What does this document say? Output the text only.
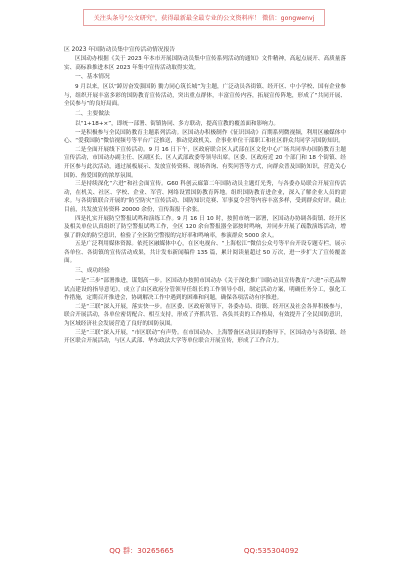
关注头条号"公文研究"，获得最新最全最专业的公文资料库！ 微信：gongwenvj
区 2023 年国防动员集中宣传活动情况报告

区国动办根据《关于 2023 年本市开展国防动员集中宣传系列活动的通知》文件精神，高起点展开、高质量落实、高标准推进本区 2023 年集中宣传活动取得实效。

一、基本情况

9 月以来，区以“踔厉奋发强国防 勠力同心筑长城”为主题，广泛动员各街镇、经开区、中小学校、国有企业参与，组织开展丰富多彩的国防教育宣传活动，突出重点群体，丰富宣传内容，拓展宣传阵地，形成了“共同开展、全民参与”的良好局面。

二、主要做法

以“1+18+×”，即统一部署、街镇协同、多方联动，提高宣教的覆盖面和影响力。

一是积极参与全民国防教育主题系列活动。区国动办积极制作《征识国动》百期系列微视频，利用区融媒体中心、“爱我国防”微信视频号等平台广泛推送，推动党政机关、企事业单位干部职工和社区群众共同学习国防知识。

二是全面开展线下宣传活动。9 月 16 日下午，区政府联合区人武部在区文化中心广场共同举办国防教育主题宣传活动，市国动办副主任、区副区长、区人武部政委等领导出席。区委、区政府近 20 个部门和 18 个街镇、经开区参与此次活动，通过展板展示、发放宣传资料、现场咨询、有奖问答等方式，向群众普及国防知识，营造关心国防、热爱国防的浓厚氛围。

三是持续深化“六进”和社会面宣传。G60 科创云廊第二年国防动员主题灯光秀，与各委办局联合开展宣传活动，在机关、社区、学校、企业、军营、网络设置国防教育阵地。组织国防教育进企业，深入了解企业人员的需求。与各街镇联合开展的“防空防灾”宣传活动、国防知识竞赛、军事夏令营等内容丰富多样，受到群众好评。截止目前，共发放宣传资料 20000 余份，宣传海报千余张。

四是扎实开展防空警报试鸣和演练工作。9 月 16 日 10 时，按照市统一部署，区国动办协调各街镇、经开区及相关单位认真组织了防空警报试鸣工作，全区 120 余台警报器全部按时鸣响，并同步开展了疏散演练活动，增强了群众的防空意识，检验了全区防空警报的完好率和鸣响率，参演群众 5000 余人。

五是广泛利用媒体资源。依托区融媒体中心，在区电视台、“上海松江”微信公众号等平台开设专题专栏，展示各单位、各街镇的宣传活动成果，共计发布新闻稿件 135 篇，累计阅读量超过 50 万次，进一步扩大了宣传覆盖面。

三、成功经验

一是“三步”部署推进，谋划高一步。区国动办按照市国动办《关于深化推广国防动员宣传教育“六进”示范品牌试点建设的指导意见》，成立了由区政府分管领导任组长的工作领导小组，制定活动方案，明确任务分工，强化工作措施，定期召开推进会，协调解决工作中遇到的困难和问题，确保各项活动有序推进。

二是“三联”深入开展，落实快一步。在区委、区政府领导下，各委办局、街镇、经开区及社会各界积极参与，联合开展活动，各单位密切配合、相互支持，形成了齐抓共管、各负其责的工作格局，有效提升了全民国防意识，为区域经济社会发展营造了良好的国防氛围。

三是“三联”深入开展，“市区联动”有声势。在市国动办、上海警备区动员局的指导下，区国动办与各街镇、经开区联合开展活动，与区人武部、华东政法大学等单位联合开展宣传，形成了工作合力。

QQ 群：30265665	QQ:535304092
